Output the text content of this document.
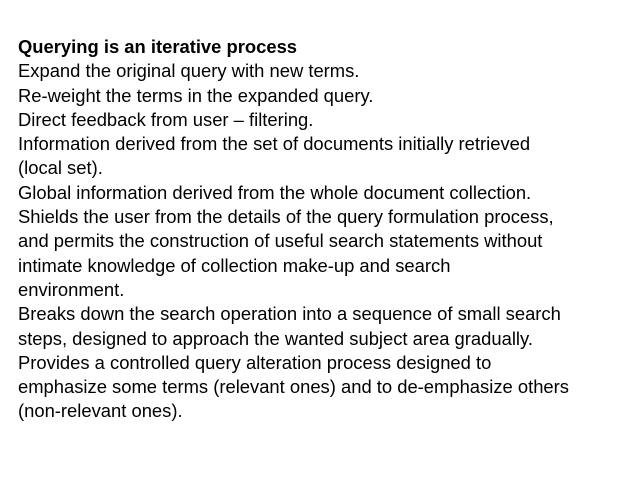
Querying is an iterative process
Expand the original query with new terms.
Re-weight the terms in the expanded query.
Direct feedback from user – filtering.
Information derived from the set of documents initially retrieved
(local set).
Global information derived from the whole document collection.
Shields the user from the details of the query formulation process,
and permits the construction of useful search statements without
intimate knowledge of collection make-up and search
environment.
Breaks down the search operation into a sequence of small search
steps, designed to approach the wanted subject area gradually.
Provides a controlled query alteration process designed to
emphasize some terms (relevant ones) and to de-emphasize others
(non-relevant ones).
